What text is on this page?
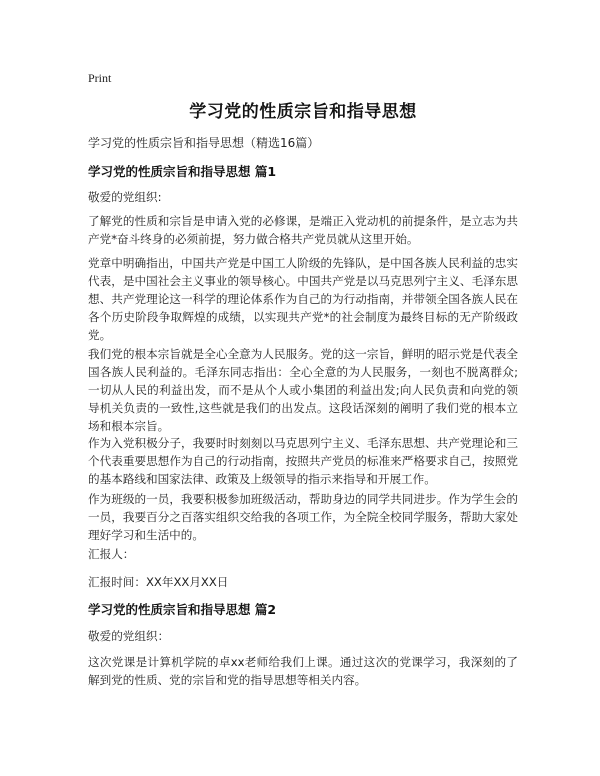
Print
学习党的性质宗旨和指导思想
学习党的性质宗旨和指导思想（精选16篇）
学习党的性质宗旨和指导思想 篇1
敬爱的党组织:
了解党的性质和宗旨是申请入党的必修课，是端正入党动机的前提条件，是立志为共产党*奋斗终身的必须前提，努力做合格共产党员就从这里开始。
党章中明确指出，中国共产党是中国工人阶级的先锋队，是中国各族人民利益的忠实代表，是中国社会主义事业的领导核心。中国共产党是以马克思列宁主义、毛泽东思想、共产党理论这一科学的理论体系作为自己的为行动指南，并带领全国各族人民在各个历史阶段争取辉煌的成绩，以实现共产党*的社会制度为最终目标的无产阶级政党。
我们党的根本宗旨就是全心全意为人民服务。党的这一宗旨，鲜明的昭示党是代表全国各族人民利益的。毛泽东同志指出：全心全意的为人民服务，一刻也不脱离群众;一切从人民的利益出发，而不是从个人或小集团的利益出发;向人民负责和向党的领导机关负责的一致性,这些就是我们的出发点。这段话深刻的阐明了我们党的根本立场和根本宗旨。
作为入党积极分子，我要时时刻刻以马克思列宁主义、毛泽东思想、共产党理论和三个代表重要思想作为自己的行动指南，按照共产党员的标准来严格要求自己，按照党的基本路线和国家法律、政策及上级领导的指示来指导和开展工作。
作为班级的一员，我要积极参加班级活动，帮助身边的同学共同进步。作为学生会的一员，我要百分之百落实组织交给我的各项工作，为全院全校同学服务，帮助大家处理好学习和生活中的。
汇报人：
汇报时间：XX年XX月XX日
学习党的性质宗旨和指导思想 篇2
敬爱的党组织：
这次党课是计算机学院的卓xx老师给我们上课。通过这次的党课学习，我深刻的了解到党的性质、党的宗旨和党的指导思想等相关内容。
